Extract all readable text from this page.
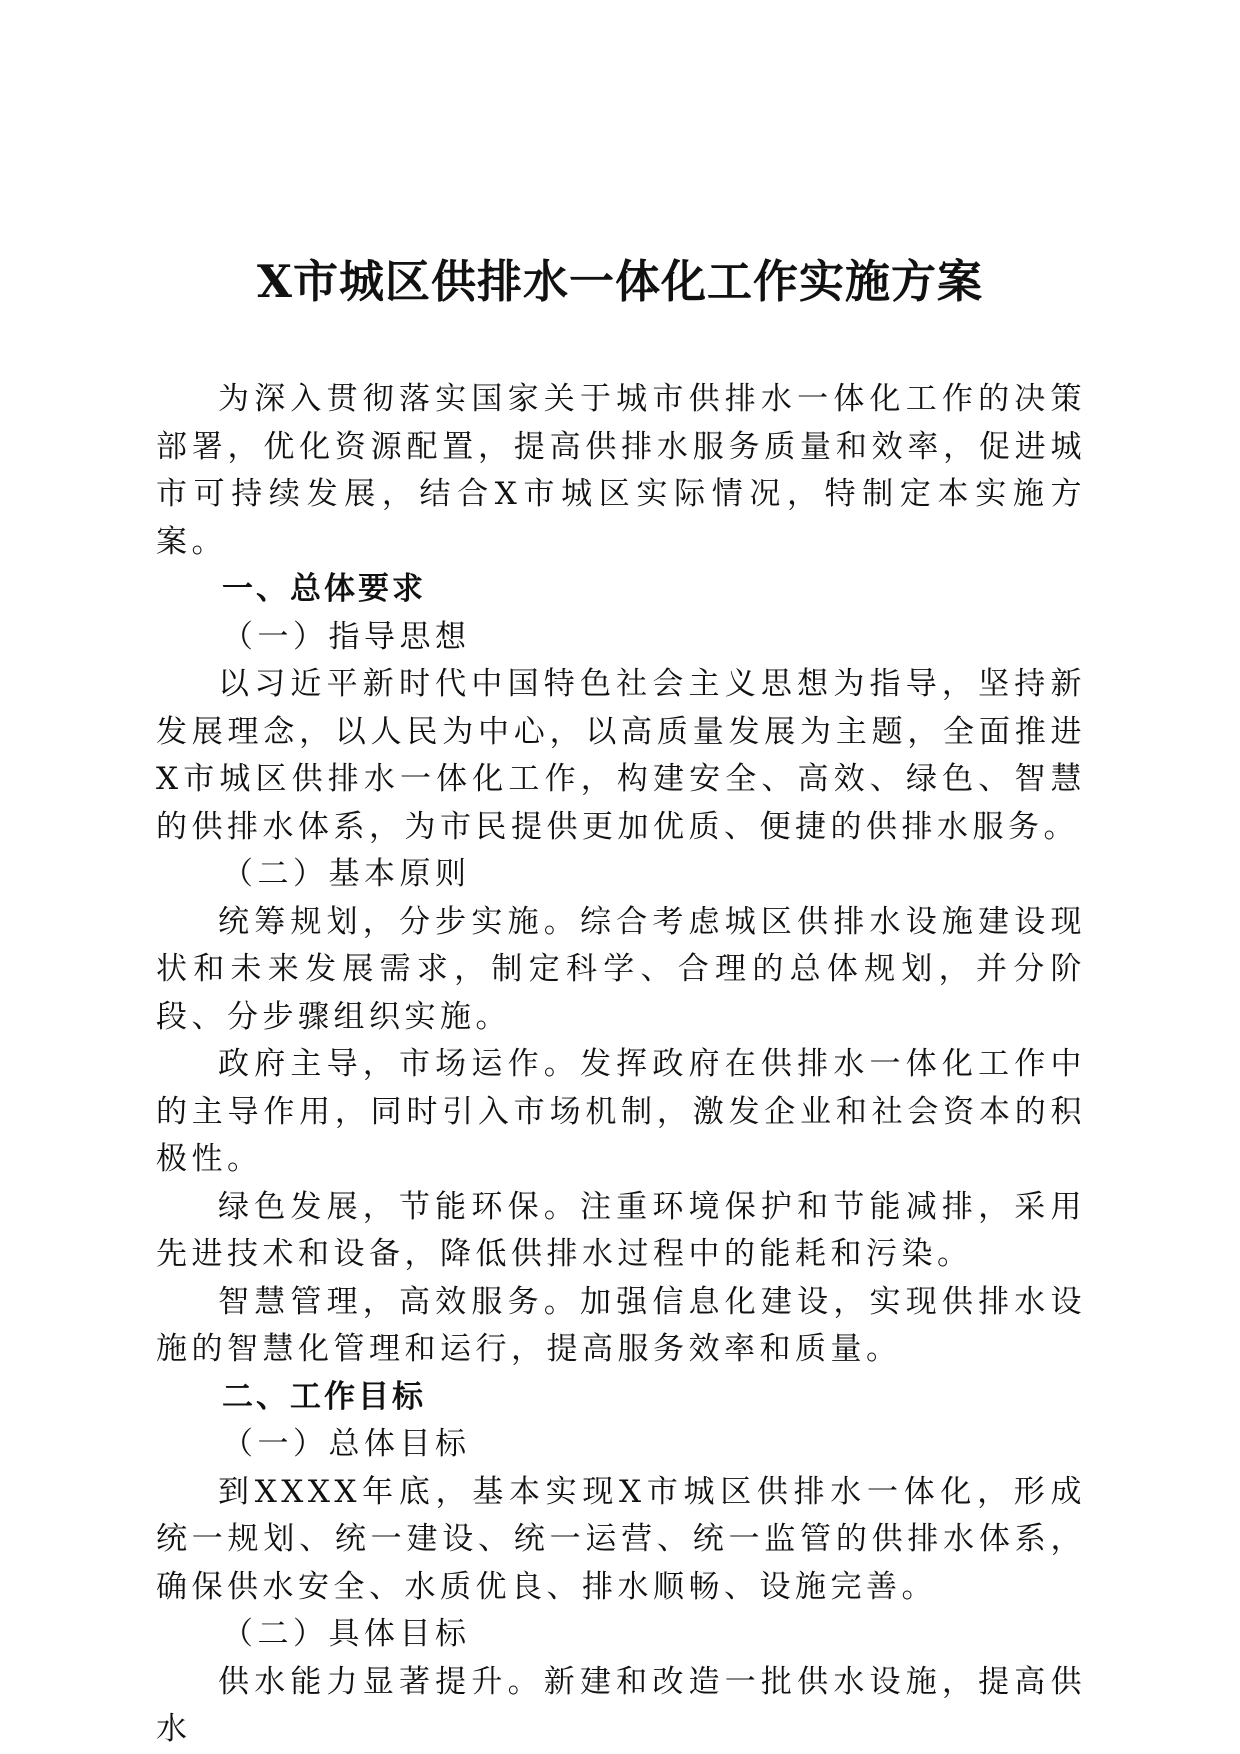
X市城区供排水一体化工作实施方案

为深入贯彻落实国家关于城市供排水一体化工作的决策部署，优化资源配置，提高供排水服务质量和效率，促进城市可持续发展，结合X市城区实际情况，特制定本实施方案。

一、总体要求
（一）指导思想

以习近平新时代中国特色社会主义思想为指导，坚持新发展理念，以人民为中心，以高质量发展为主题，全面推进X市城区供排水一体化工作，构建安全、高效、绿色、智慧的供排水体系，为市民提供更加优质、便捷的供排水服务。

（二）基本原则

统筹规划，分步实施。综合考虑城区供排水设施建设现状和未来发展需求，制定科学、合理的总体规划，并分阶段、分步骤组织实施。

政府主导，市场运作。发挥政府在供排水一体化工作中的主导作用，同时引入市场机制，激发企业和社会资本的积极性。

绿色发展，节能环保。注重环境保护和节能减排，采用先进技术和设备，降低供排水过程中的能耗和污染。

智慧管理，高效服务。加强信息化建设，实现供排水设施的智慧化管理和运行，提高服务效率和质量。

二、工作目标
（一）总体目标

到XXXX年底，基本实现X市城区供排水一体化，形成统一规划、统一建设、统一运营、统一监管的供排水体系，确保供水安全、水质优良、排水顺畅、设施完善。

（二）具体目标

供水能力显著提升。新建和改造一批供水设施，提高供水
